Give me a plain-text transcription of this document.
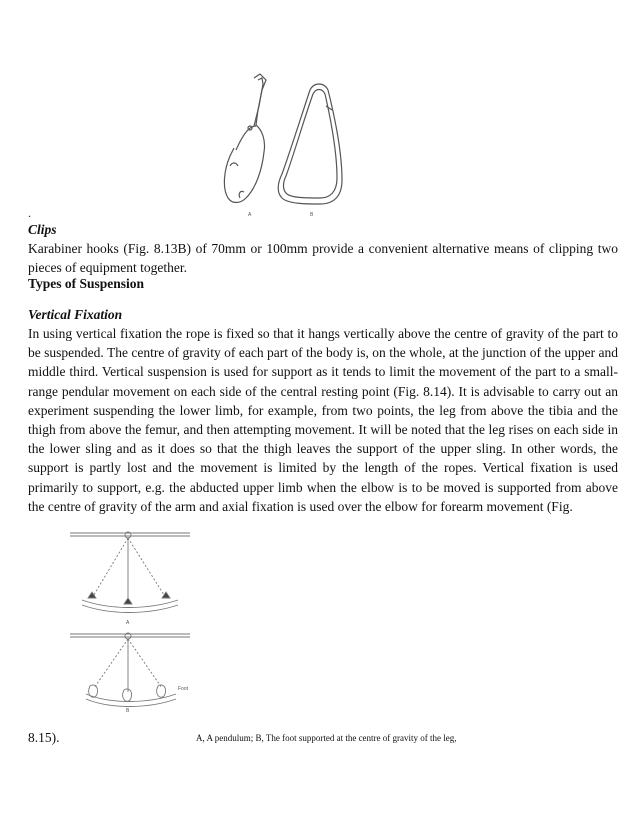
A	B
.
Clips
Karabiner hooks (Fig. 8.13B) of 70mm or 100mm provide a convenient alternative means of clipping two pieces of equipment together.
Types of Suspension
Vertical Fixation
In using vertical fixation the rope is fixed so that it hangs vertically above the centre of gravity of the part to be suspended. The centre of gravity of each part of the body is, on the whole, at the junction of the upper and middle third. Vertical suspension is used for support as it tends to limit the movement of the part to a small-range pendular movement on each side of the central resting point (Fig. 8.14). It is advisable to carry out an experiment suspending the lower limb, for example, from two points, the leg from above the tibia and the thigh from above the femur, and then attempting movement. It will be noted that the leg rises on each side in the lower sling and as it does so that the thigh leaves the support of the upper sling. In other words, the support is partly lost and the movement is limited by the length of the ropes. Vertical fixation is used primarily to support, e.g. the abducted upper limb when the elbow is to be moved is supported from above the centre of gravity of the arm and axial fixation is used over the elbow for forearm movement (Fig.
A
Foot
B
8.15).	A, A pendulum; B, The foot supported at the centre of gravity of the leg,
